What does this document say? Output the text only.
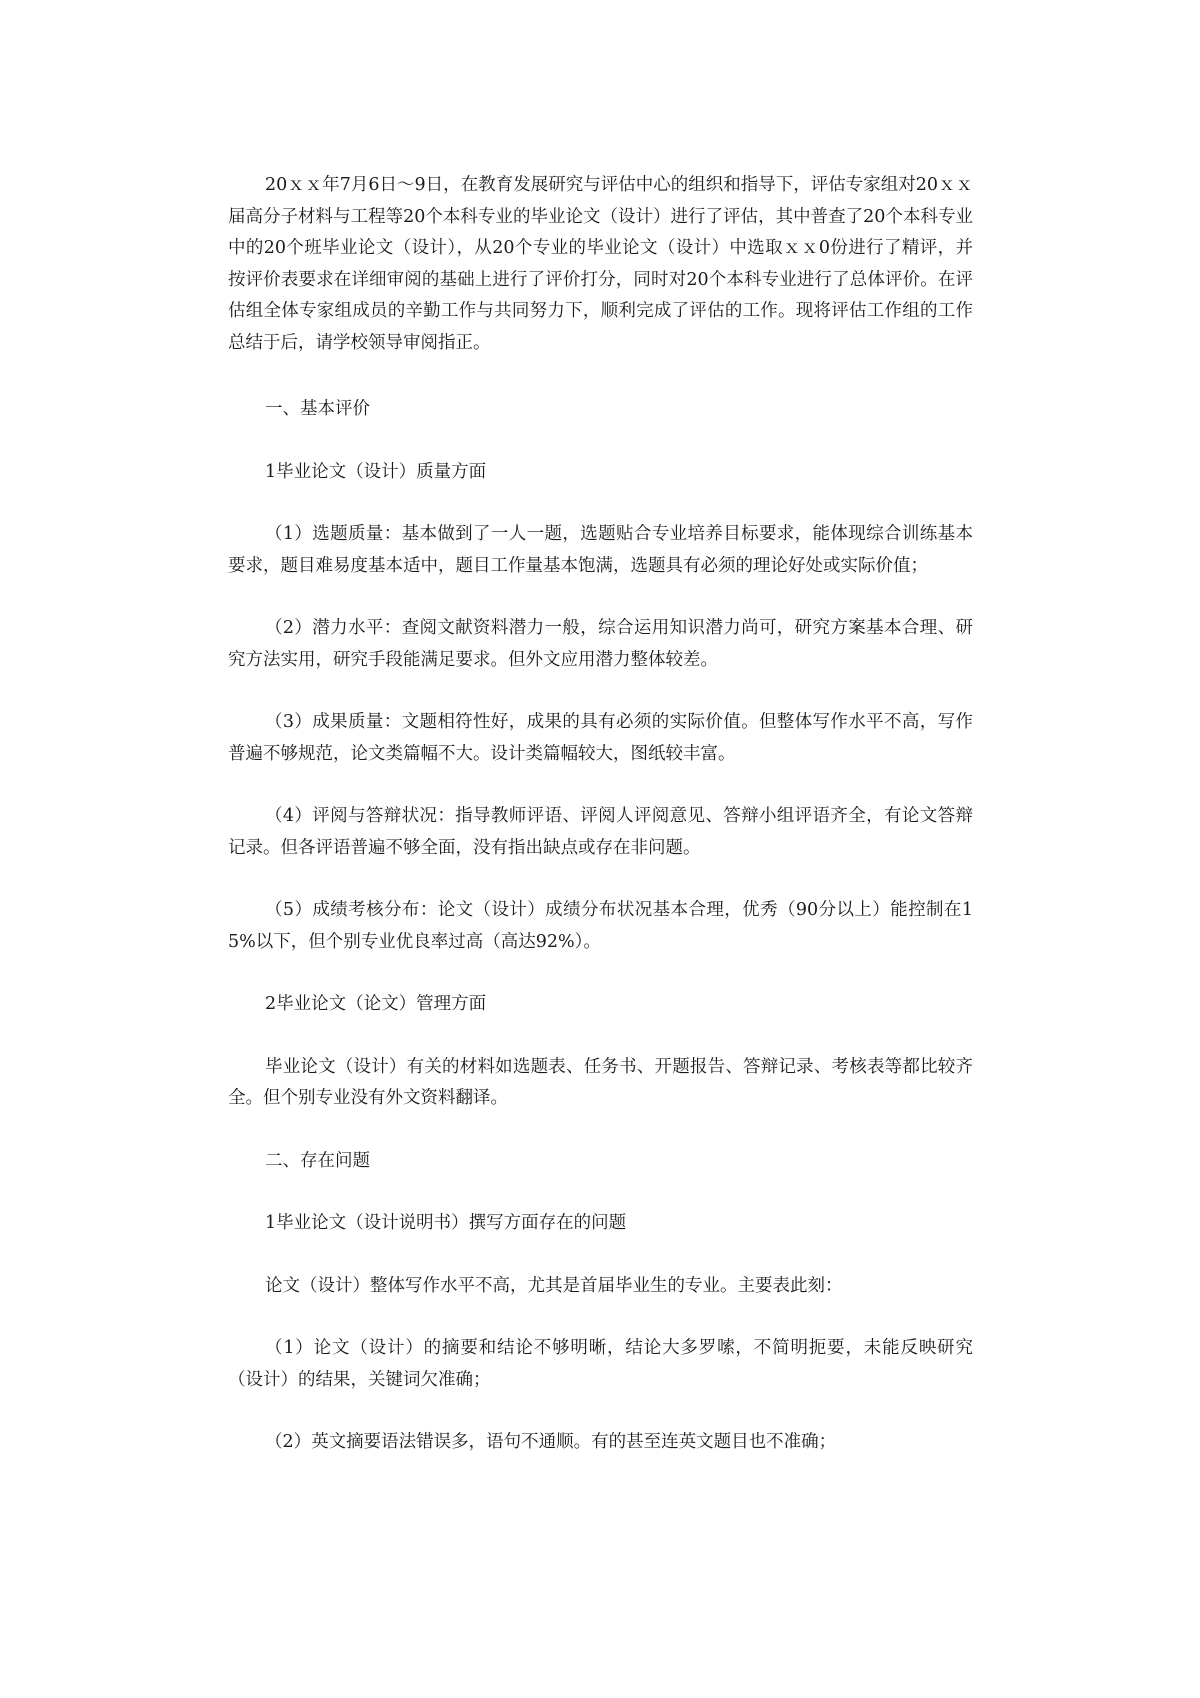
20ｘｘ年7月6日～9日，在教育发展研究与评估中心的组织和指导下，评估专家组对20ｘｘ届高分子材料与工程等20个本科专业的毕业论文（设计）进行了评估，其中普查了20个本科专业中的20个班毕业论文（设计），从20个专业的毕业论文（设计）中选取ｘｘ0份进行了精评，并按评价表要求在详细审阅的基础上进行了评价打分，同时对20个本科专业进行了总体评价。在评估组全体专家组成员的辛勤工作与共同努力下，顺利完成了评估的工作。现将评估工作组的工作总结于后，请学校领导审阅指正。

一、基本评价

1毕业论文（设计）质量方面

（1）选题质量：基本做到了一人一题，选题贴合专业培养目标要求，能体现综合训练基本要求，题目难易度基本适中，题目工作量基本饱满，选题具有必须的理论好处或实际价值；

（2）潜力水平：查阅文献资料潜力一般，综合运用知识潜力尚可，研究方案基本合理、研究方法实用，研究手段能满足要求。但外文应用潜力整体较差。

（3）成果质量：文题相符性好，成果的具有必须的实际价值。但整体写作水平不高，写作普遍不够规范，论文类篇幅不大。设计类篇幅较大，图纸较丰富。

（4）评阅与答辩状况：指导教师评语、评阅人评阅意见、答辩小组评语齐全，有论文答辩记录。但各评语普遍不够全面，没有指出缺点或存在非问题。

（5）成绩考核分布：论文（设计）成绩分布状况基本合理，优秀（90分以上）能控制在15%以下，但个别专业优良率过高（高达92%）。

2毕业论文（论文）管理方面

毕业论文（设计）有关的材料如选题表、任务书、开题报告、答辩记录、考核表等都比较齐全。但个别专业没有外文资料翻译。

二、存在问题

1毕业论文（设计说明书）撰写方面存在的问题

论文（设计）整体写作水平不高，尤其是首届毕业生的专业。主要表此刻：

（1）论文（设计）的摘要和结论不够明晰，结论大多罗嗦，不简明扼要，未能反映研究（设计）的结果，关键词欠准确；

（2）英文摘要语法错误多，语句不通顺。有的甚至连英文题目也不准确；
